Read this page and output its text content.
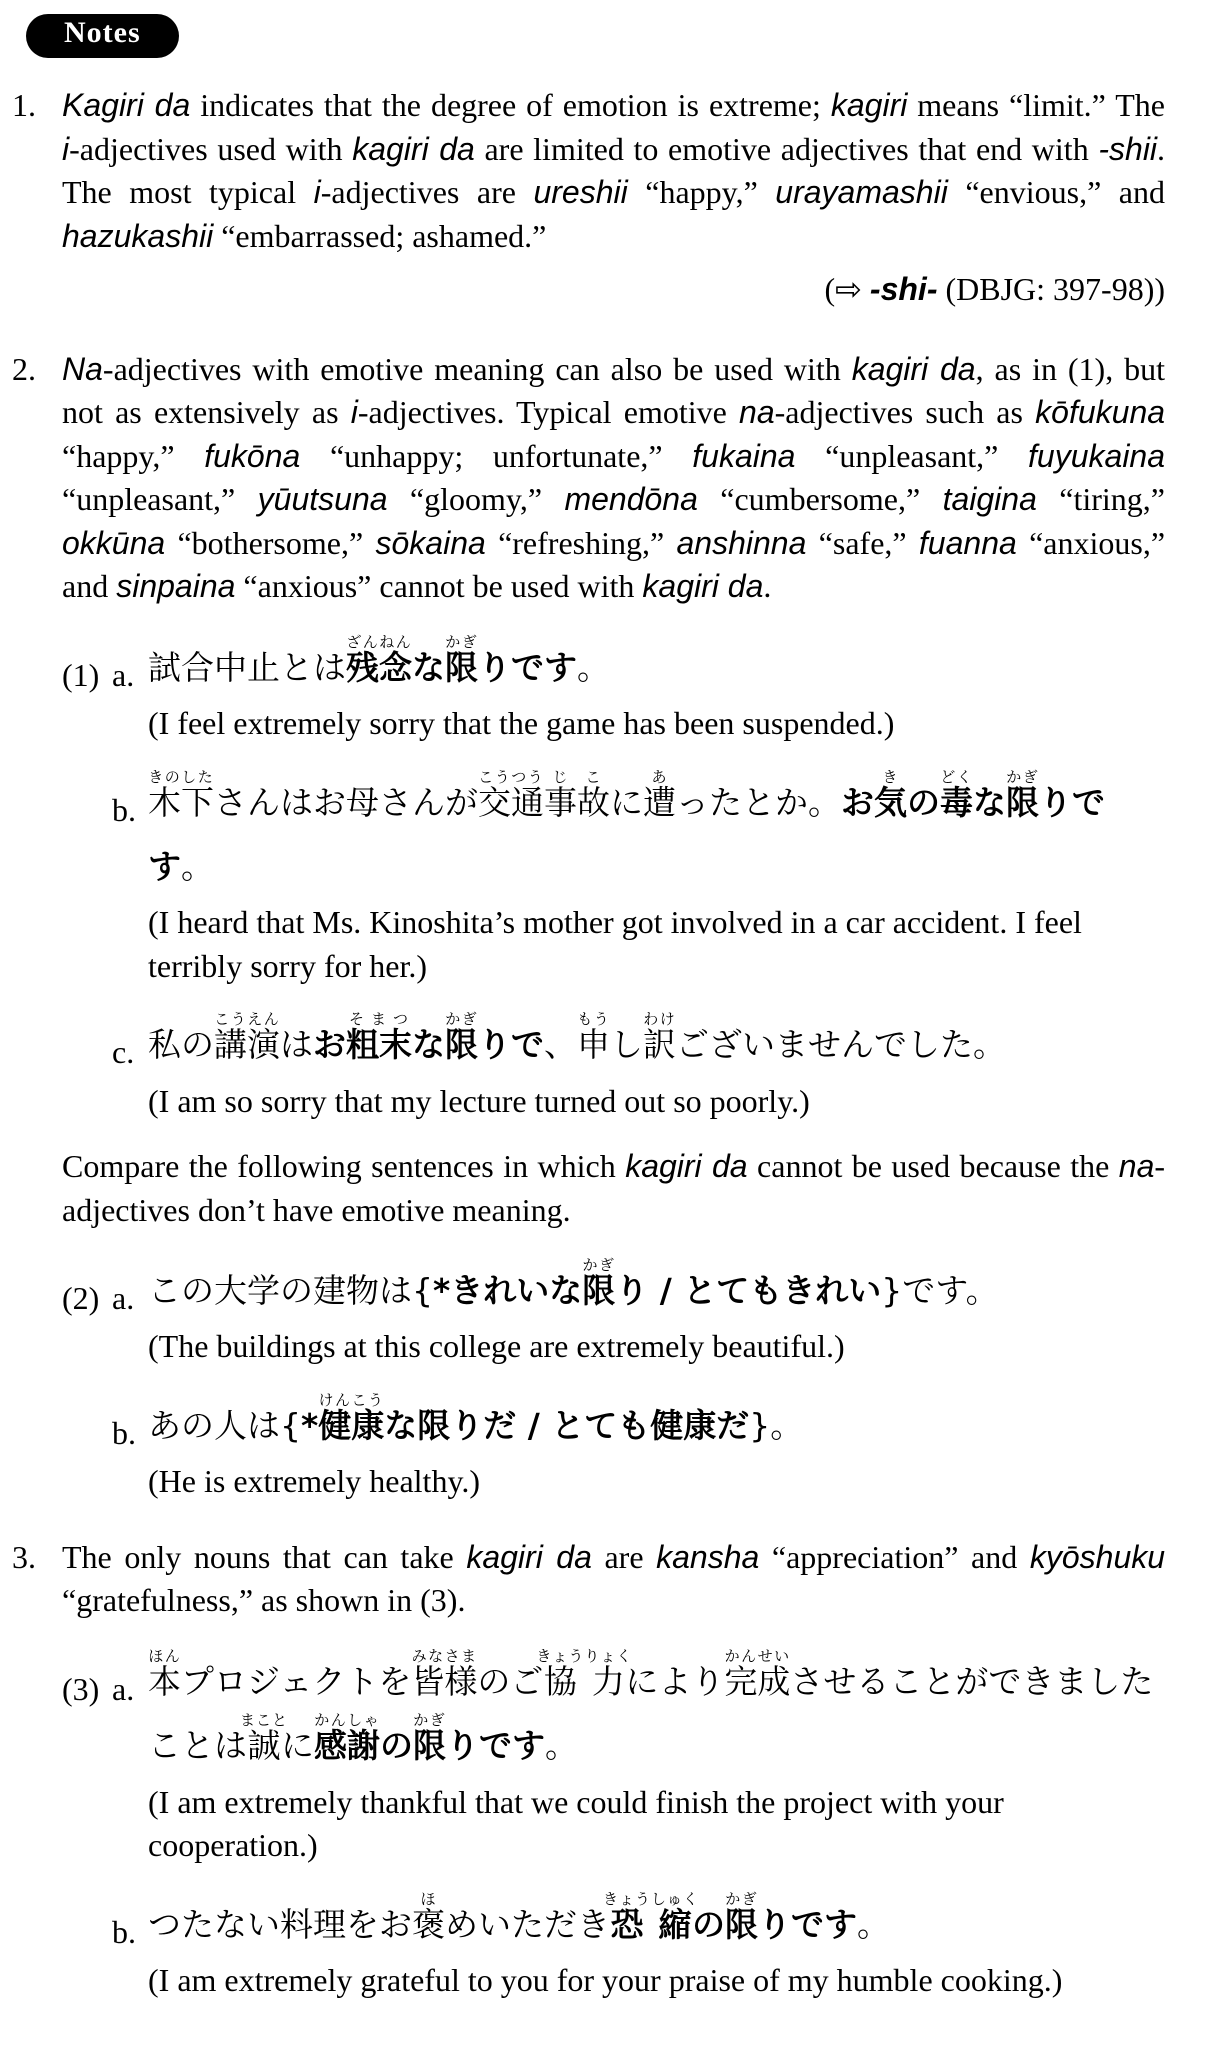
Notes
1. Kagiri da indicates that the degree of emotion is extreme; kagiri means “limit.” The i-adjectives used with kagiri da are limited to emotive adjectives that end with -shii. The most typical i-adjectives are ureshii “happy,” urayamashii “envious,” and hazukashii “embarrassed; ashamed.”

(⇨ -shi- (DBJG: 397-98))

2. Na-adjectives with emotive meaning can also be used with kagiri da, as in (1), but not as extensively as i-adjectives. Typical emotive na-adjectives such as kōfukuna “happy,” fukōna “unhappy; unfortunate,” fukaina “unpleasant,” fuyukaina “unpleasant,” yūutsuna “gloomy,” mendōna “cumbersome,” taigina “tiring,” okkūna “bothersome,” sōkaina “refreshing,” anshinna “safe,” fuanna “anxious,” and sinpaina “anxious” cannot be used with kagiri da.

(1) a. 試合中止とは残念ざんねんな限かぎりです。

(I feel extremely sorry that the game has been suspended.)

b. 木下きのしたさんはお母さんが交通こうつう事じ故こに遭あったとか。お気きの毒どくな限かぎりです。

(I heard that Ms. Kinoshita’s mother got involved in a car accident. I feel terribly sorry for her.)

c. 私の講演こうえんはお粗末そまつな限かぎりで、申もうし訳わけございませんでした。

(I am so sorry that my lecture turned out so poorly.)

Compare the following sentences in which kagiri da cannot be used because the na-adjectives don’t have emotive meaning.

(2) a. この大学の建物は{*きれいな限かぎり / とてもきれい}です。

(The buildings at this college are extremely beautiful.)

b. あの人は{*健康けんこうな限りだ / とても健康だ}。

(He is extremely healthy.)

3. The only nouns that can take kagiri da are kansha “appreciation” and kyōshuku “gratefulness,” as shown in (3).

(3) a. 本ほんプロジェクトを皆様みなさまのご協力きょうりょくにより完成かんせいさせることができましたことは誠まことに感謝かんしゃの限かぎりです。

(I am extremely thankful that we could finish the project with your cooperation.)

b. つたない料理をお褒ほめいただき恐縮きょうしゅくの限かぎりです。

(I am extremely grateful to you for your praise of my humble cooking.)
